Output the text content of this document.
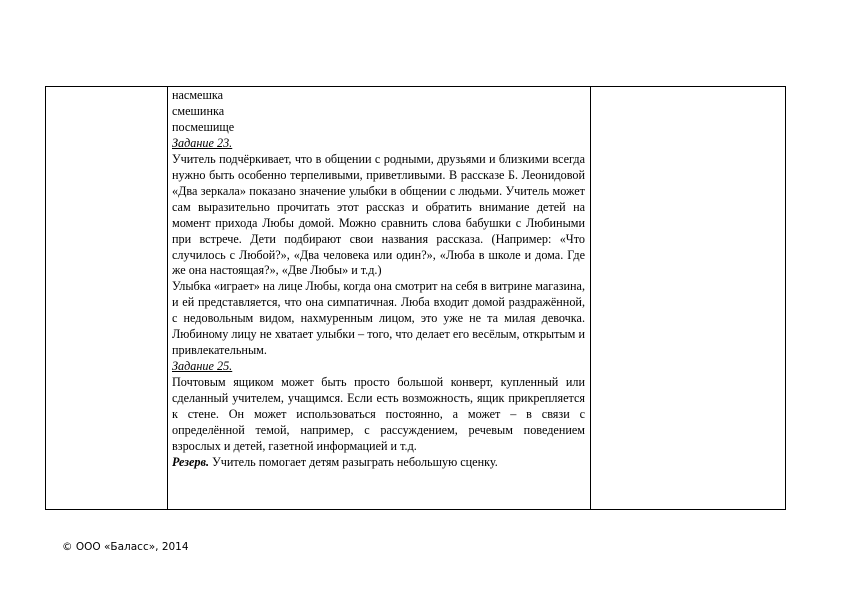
насмешка

смешинка

посмешище

Задание 23.

Учитель подчёркивает, что в общении с родными, друзьями и близкими всегда нужно быть особенно терпеливыми, приветливыми. В рассказе Б. Леонидовой «Два зеркала» показано значение улыбки в общении с людьми. Учитель может сам выразительно прочитать этот рассказ и обратить внимание детей на момент прихода Любы домой. Можно сравнить слова бабушки с Любиными при встрече. Дети подбирают свои названия рассказа. (Например: «Что случилось с Любой?», «Два человека или один?», «Люба в школе и дома. Где же она настоящая?», «Две Любы» и т.д.)

Улыбка «играет» на лице Любы, когда она смотрит на себя в витрине магазина, и ей представляется, что она симпатичная. Люба входит домой раздражённой, с недовольным видом, нахмуренным лицом, это уже не та милая девочка. Любиному лицу не хватает улыбки – того, что делает его весёлым, открытым и привлекательным.

Задание 25.

Почтовым ящиком может быть просто большой конверт, купленный или сделанный учителем, учащимся. Если есть возможность, ящик прикрепляется к стене. Он может использоваться постоянно, а может – в связи с определённой темой, например, с рассуждением, речевым поведением взрослых и детей, газетной информацией и т.д.

Резерв. Учитель помогает детям разыграть небольшую сценку.

© ООО «Баласс», 2014
